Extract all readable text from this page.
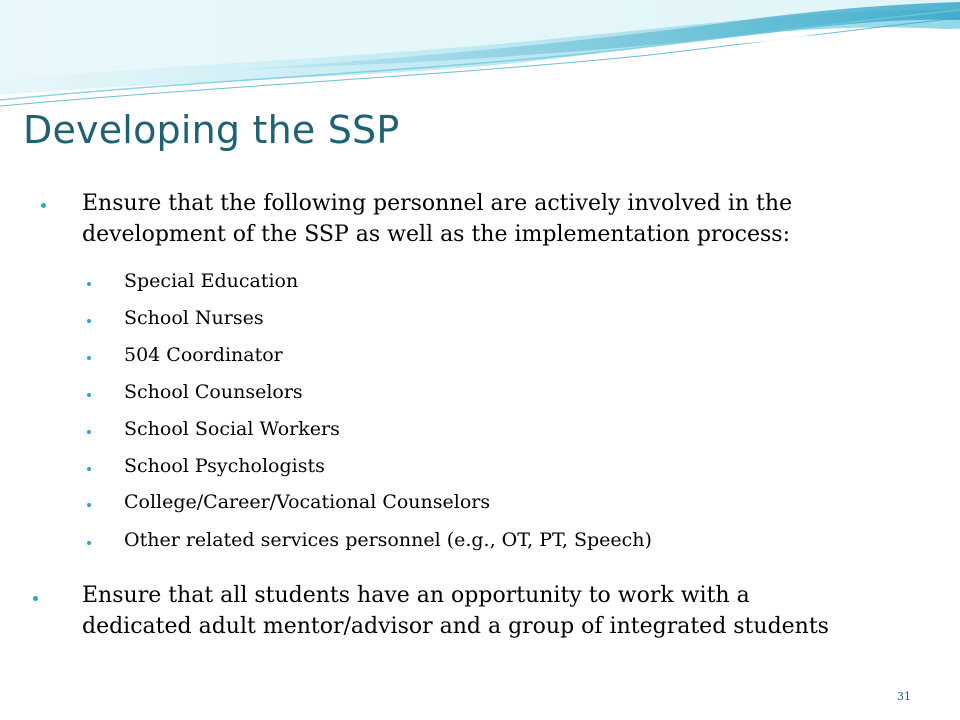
Developing the SSP

Ensure that the following personnel are actively involved in the development of the SSP as well as the implementation process:

Special Education

School Nurses

504 Coordinator

School Counselors

School Social Workers

School Psychologists

College/Career/Vocational Counselors

Other related services personnel (e.g., OT, PT, Speech)

Ensure that all students have an opportunity to work with a dedicated adult mentor/advisor and a group of integrated students

31
